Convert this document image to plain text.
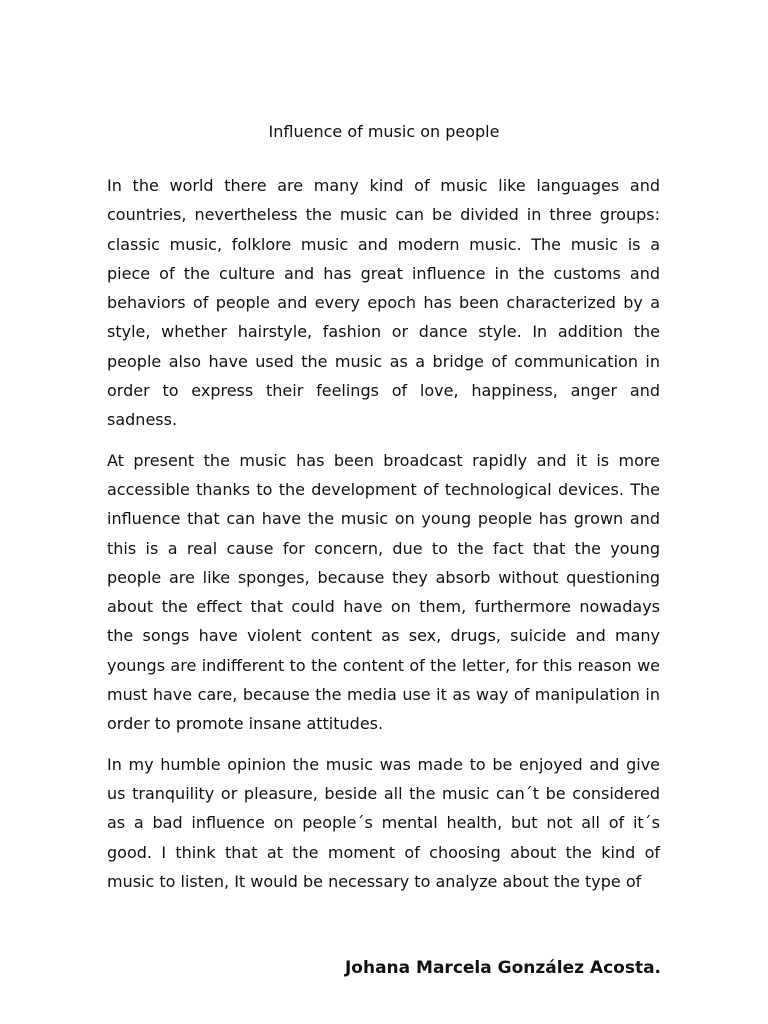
Influence of music on people

In the world there are many kind of music like languages and countries, nevertheless the music can be divided in three groups: classic music, folklore music and modern music. The music is a piece of the culture and has great influence in the customs and behaviors of people and every epoch has been characterized by a style, whether hairstyle, fashion or dance style. In addition the people also have used the music as a bridge of communication in order to express their feelings of love, happiness, anger and sadness.

At present the music has been broadcast rapidly and it is more accessible thanks to the development of technological devices. The influence that can have the music on young people has grown and this is a real cause for concern, due to the fact that the young people are like sponges, because they absorb without questioning about the effect that could have on them, furthermore nowadays the songs have violent content as sex, drugs, suicide and many youngs are indifferent to the content of the letter, for this reason we must have care, because the media use it as way of manipulation in order to promote insane attitudes.

In my humble opinion the music was made to be enjoyed and give us tranquility or pleasure, beside all the music can´t be considered as a bad influence on people´s mental health, but not all of it´s good. I think that at the moment of choosing about the kind of music to listen, It would be necessary to analyze about the type of

Johana Marcela González Acosta.
